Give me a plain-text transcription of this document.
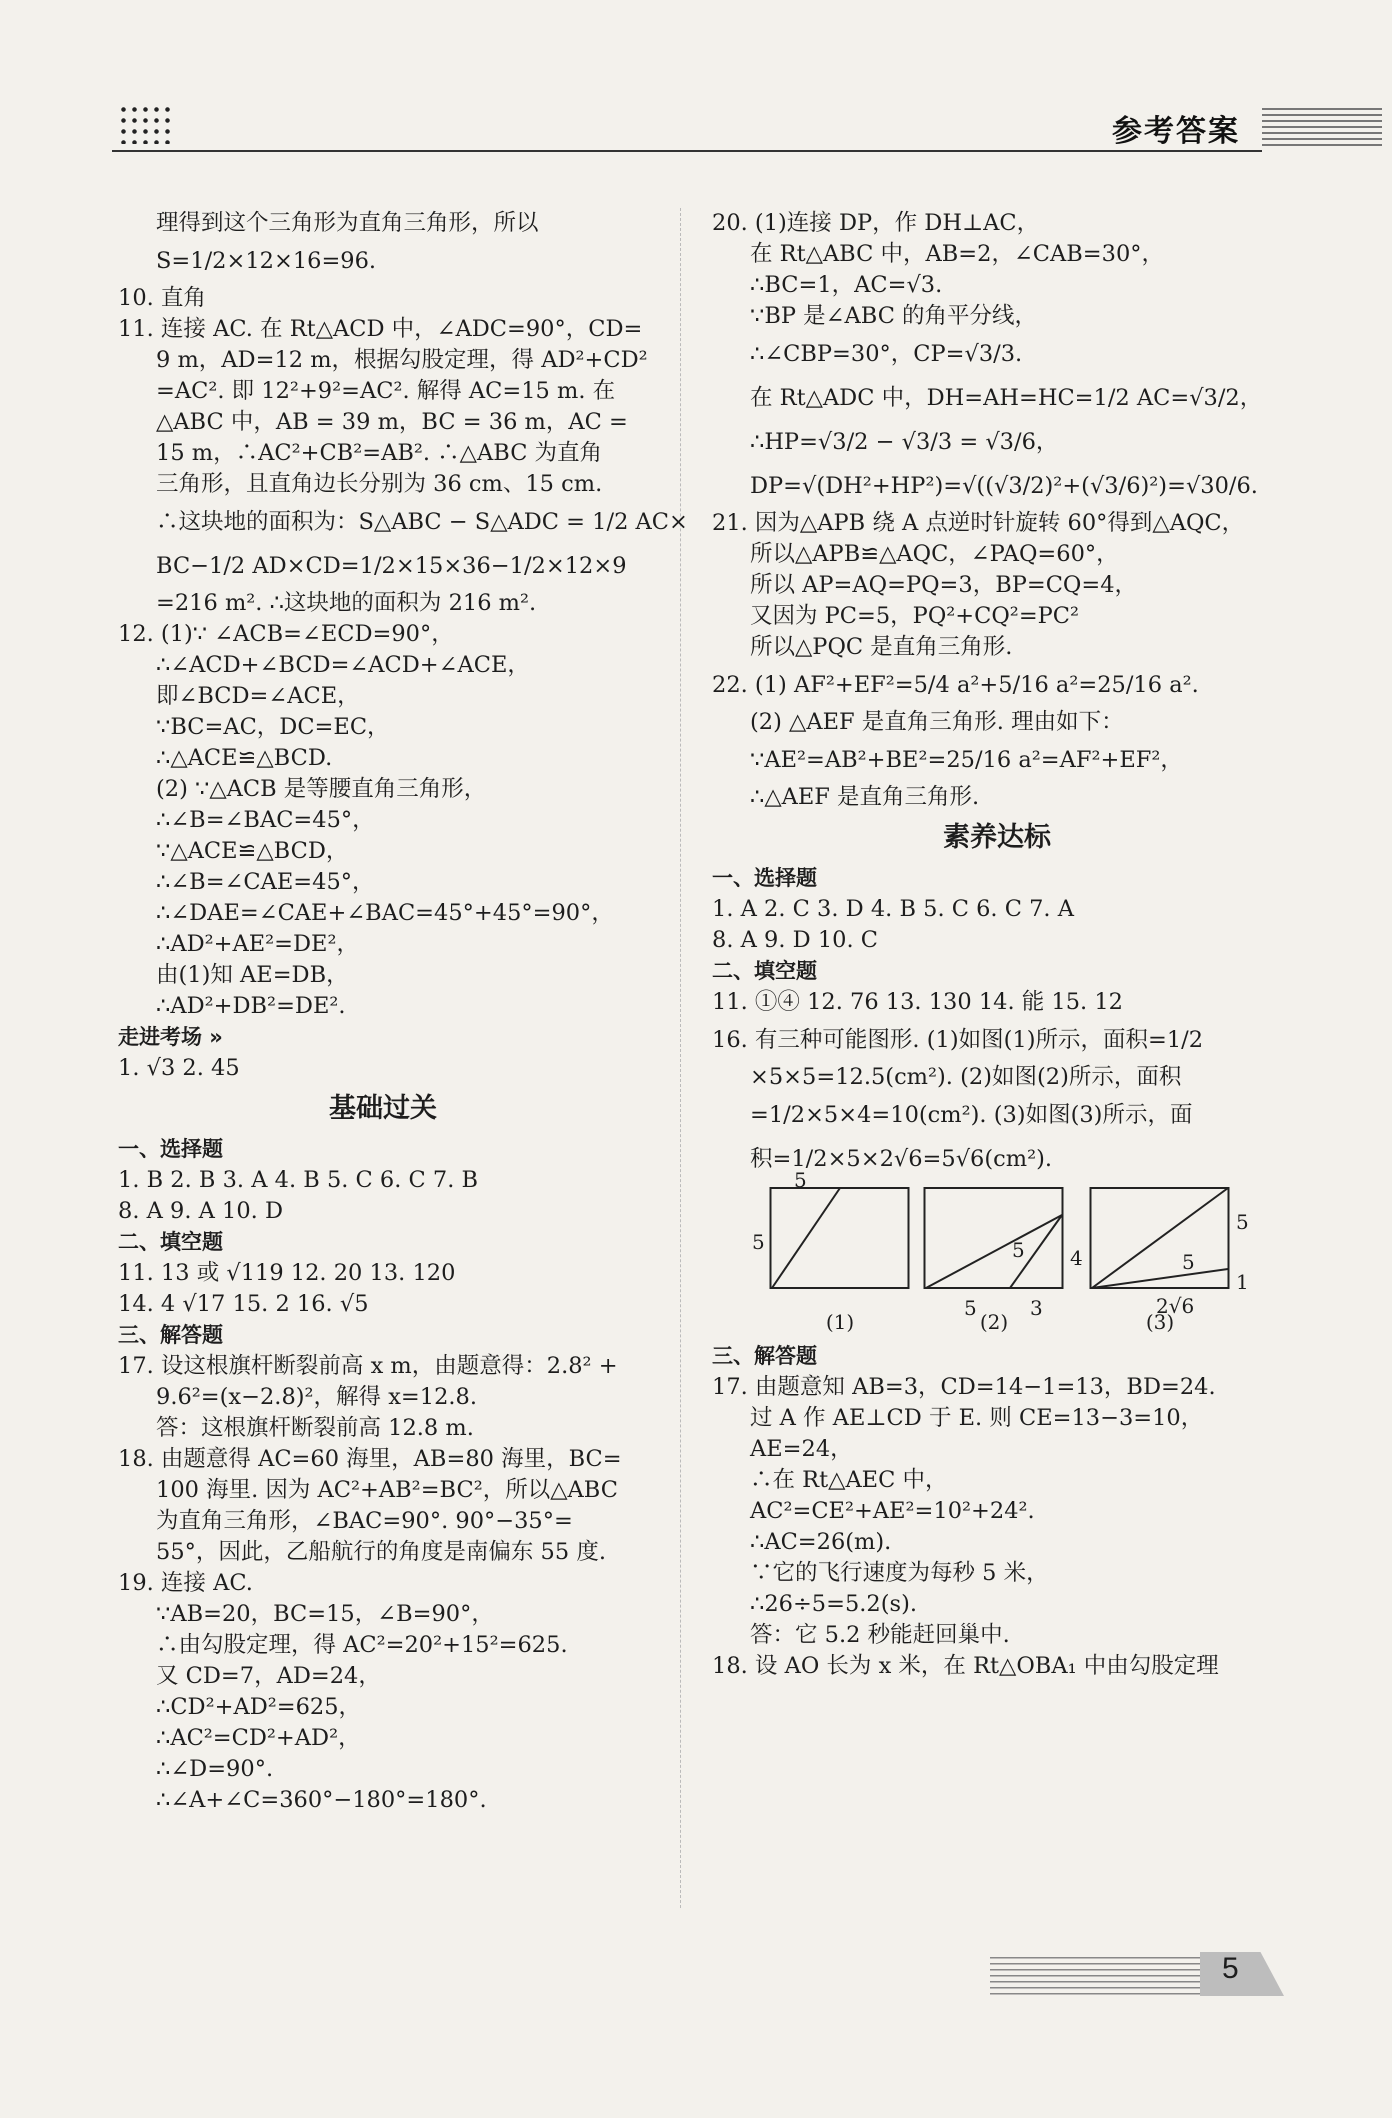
参考答案
理得到这个三角形为直角三角形，所以
S=1/2×12×16=96.
10. 直角
11. 连接 AC. 在 Rt△ACD 中，∠ADC=90°，CD=
9 m，AD=12 m，根据勾股定理，得 AD²+CD²
=AC². 即 12²+9²=AC². 解得 AC=15 m. 在
△ABC 中，AB = 39 m，BC = 36 m，AC =
15 m，∴AC²+CB²=AB². ∴△ABC 为直角
三角形，且直角边长分别为 36 cm、15 cm.
∴这块地的面积为：S△ABC − S△ADC = 1/2 AC×
BC−1/2 AD×CD=1/2×15×36−1/2×12×9
=216 m². ∴这块地的面积为 216 m².
12. (1)∵ ∠ACB=∠ECD=90°，
∴∠ACD+∠BCD=∠ACD+∠ACE，
即∠BCD=∠ACE，
∵BC=AC，DC=EC，
∴△ACE≌△BCD.
(2) ∵△ACB 是等腰直角三角形，
∴∠B=∠BAC=45°，
∵△ACE≌△BCD，
∴∠B=∠CAE=45°，
∴∠DAE=∠CAE+∠BAC=45°+45°=90°，
∴AD²+AE²=DE²，
由(1)知 AE=DB，
∴AD²+DB²=DE².
走进考场 »
1. √3 2. 45
基础过关
一、选择题
1. B 2. B 3. A 4. B 5. C 6. C 7. B
8. A 9. A 10. D
二、填空题
11. 13 或 √119 12. 20 13. 120
14. 4 √17 15. 2 16. √5
三、解答题
17. 设这根旗杆断裂前高 x m，由题意得：2.8² +
9.6²=(x−2.8)²，解得 x=12.8.
答：这根旗杆断裂前高 12.8 m.
18. 由题意得 AC=60 海里，AB=80 海里，BC=
100 海里. 因为 AC²+AB²=BC²，所以△ABC
为直角三角形，∠BAC=90°. 90°−35°=
55°，因此，乙船航行的角度是南偏东 55 度.
19. 连接 AC.
∵AB=20，BC=15，∠B=90°，
∴由勾股定理，得 AC²=20²+15²=625.
又 CD=7，AD=24，
∴CD²+AD²=625，
∴AC²=CD²+AD²，
∴∠D=90°.
∴∠A+∠C=360°−180°=180°.
20. (1)连接 DP，作 DH⊥AC，
在 Rt△ABC 中，AB=2，∠CAB=30°，
∴BC=1，AC=√3.
∵BP 是∠ABC 的角平分线，
∴∠CBP=30°，CP=√3/3.
在 Rt△ADC 中，DH=AH=HC=1/2 AC=√3/2，
∴HP=√3/2 − √3/3 = √3/6，
DP=√(DH²+HP²)=√((√3/2)²+(√3/6)²)=√30/6.
21. 因为△APB 绕 A 点逆时针旋转 60°得到△AQC，
所以△APB≌△AQC，∠PAQ=60°，
所以 AP=AQ=PQ=3，BP=CQ=4，
又因为 PC=5，PQ²+CQ²=PC²
所以△PQC 是直角三角形.
22. (1) AF²+EF²=5/4 a²+5/16 a²=25/16 a².
(2) △AEF 是直角三角形. 理由如下：
∵AE²=AB²+BE²=25/16 a²=AF²+EF²，
∴△AEF 是直角三角形.
素养达标
一、选择题
1. A 2. C 3. D 4. B 5. C 6. C 7. A
8. A 9. D 10. C
二、填空题
11. ①④ 12. 76 13. 130 14. 能 15. 12
16. 有三种可能图形. (1)如图(1)所示，面积=1/2
×5×5=12.5(cm²). (2)如图(2)所示，面积
=1/2×5×4=10(cm²). (3)如图(3)所示，面
积=1/2×5×2√6=5√6(cm²).
5
5
(1)
5 4
5	3
(2)
5
5
1
2√6
(3)
三、解答题
17. 由题意知 AB=3，CD=14−1=13，BD=24.
过 A 作 AE⊥CD 于 E. 则 CE=13−3=10，
AE=24，
∴在 Rt△AEC 中，
AC²=CE²+AE²=10²+24².
∴AC=26(m).
∵它的飞行速度为每秒 5 米，
∴26÷5=5.2(s).
答：它 5.2 秒能赶回巢中.
18. 设 AO 长为 x 米，在 Rt△OBA₁ 中由勾股定理
5
